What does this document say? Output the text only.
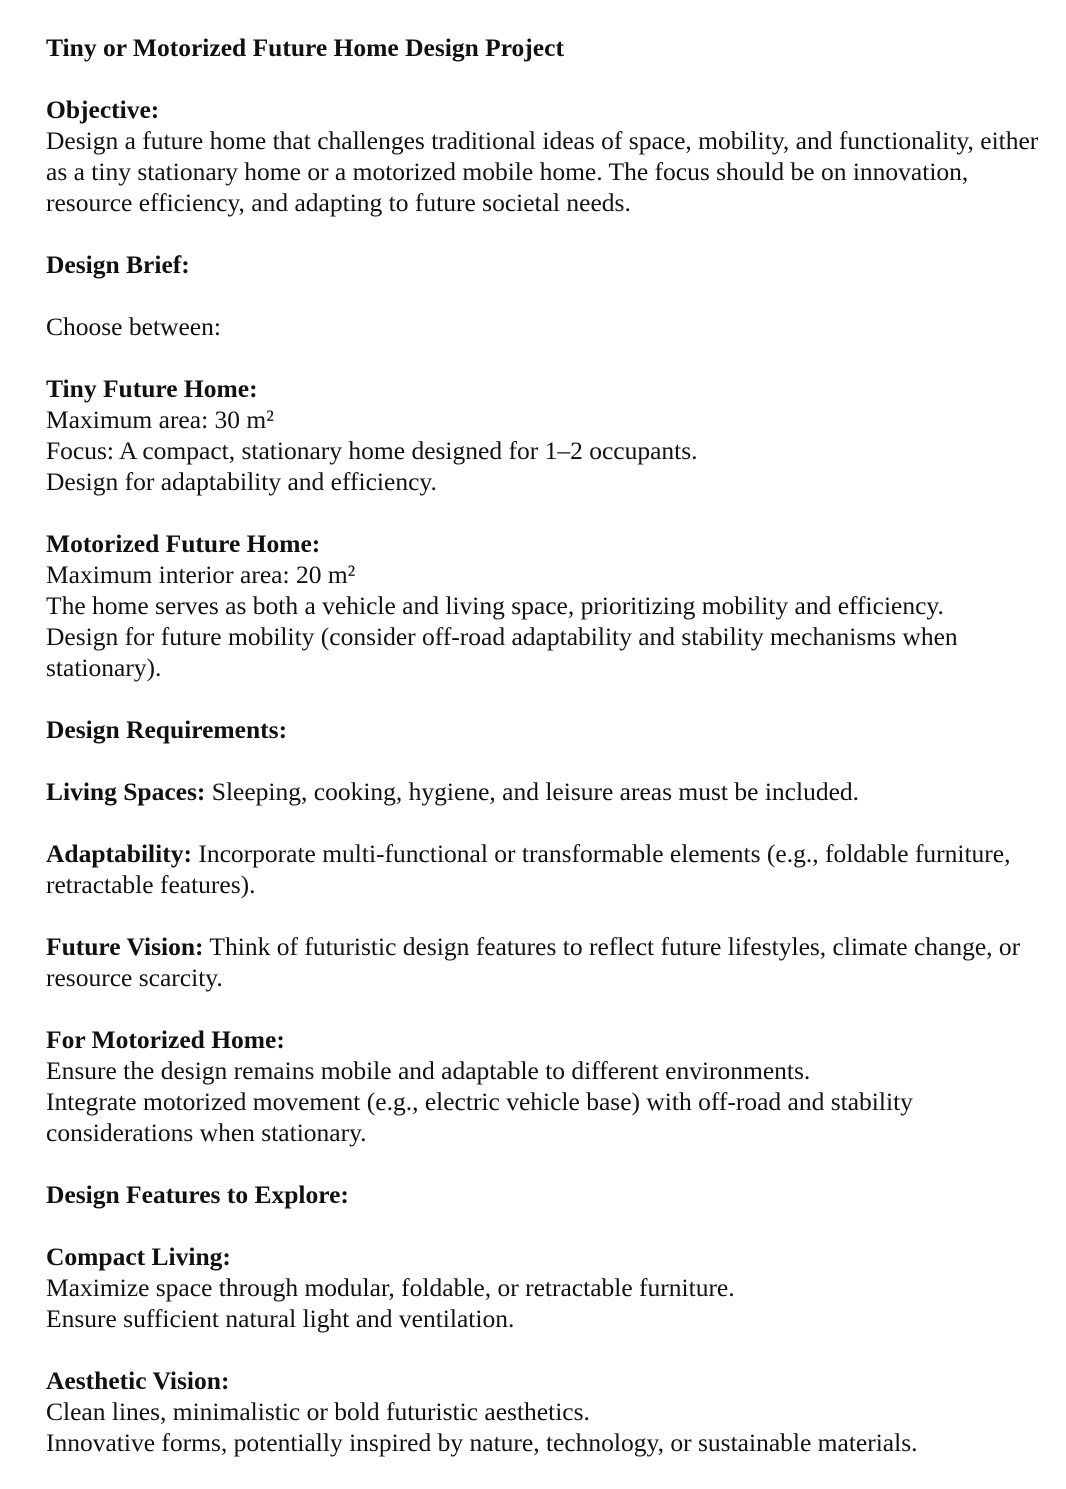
Tiny or Motorized Future Home Design Project
Objective:
Design a future home that challenges traditional ideas of space, mobility, and functionality, either as a tiny stationary home or a motorized mobile home. The focus should be on innovation, resource efficiency, and adapting to future societal needs.
Design Brief:
Choose between:
Tiny Future Home:
Maximum area: 30 m²
Focus: A compact, stationary home designed for 1–2 occupants.
Design for adaptability and efficiency.
Motorized Future Home:
Maximum interior area: 20 m²
The home serves as both a vehicle and living space, prioritizing mobility and efficiency.
Design for future mobility (consider off-road adaptability and stability mechanisms when stationary).
Design Requirements:
Living Spaces: Sleeping, cooking, hygiene, and leisure areas must be included.
Adaptability: Incorporate multi-functional or transformable elements (e.g., foldable furniture, retractable features).
Future Vision: Think of futuristic design features to reflect future lifestyles, climate change, or resource scarcity.
For Motorized Home:
Ensure the design remains mobile and adaptable to different environments.
Integrate motorized movement (e.g., electric vehicle base) with off-road and stability considerations when stationary.
Design Features to Explore:
Compact Living:
Maximize space through modular, foldable, or retractable furniture.
Ensure sufficient natural light and ventilation.
Aesthetic Vision:
Clean lines, minimalistic or bold futuristic aesthetics.
Innovative forms, potentially inspired by nature, technology, or sustainable materials.
